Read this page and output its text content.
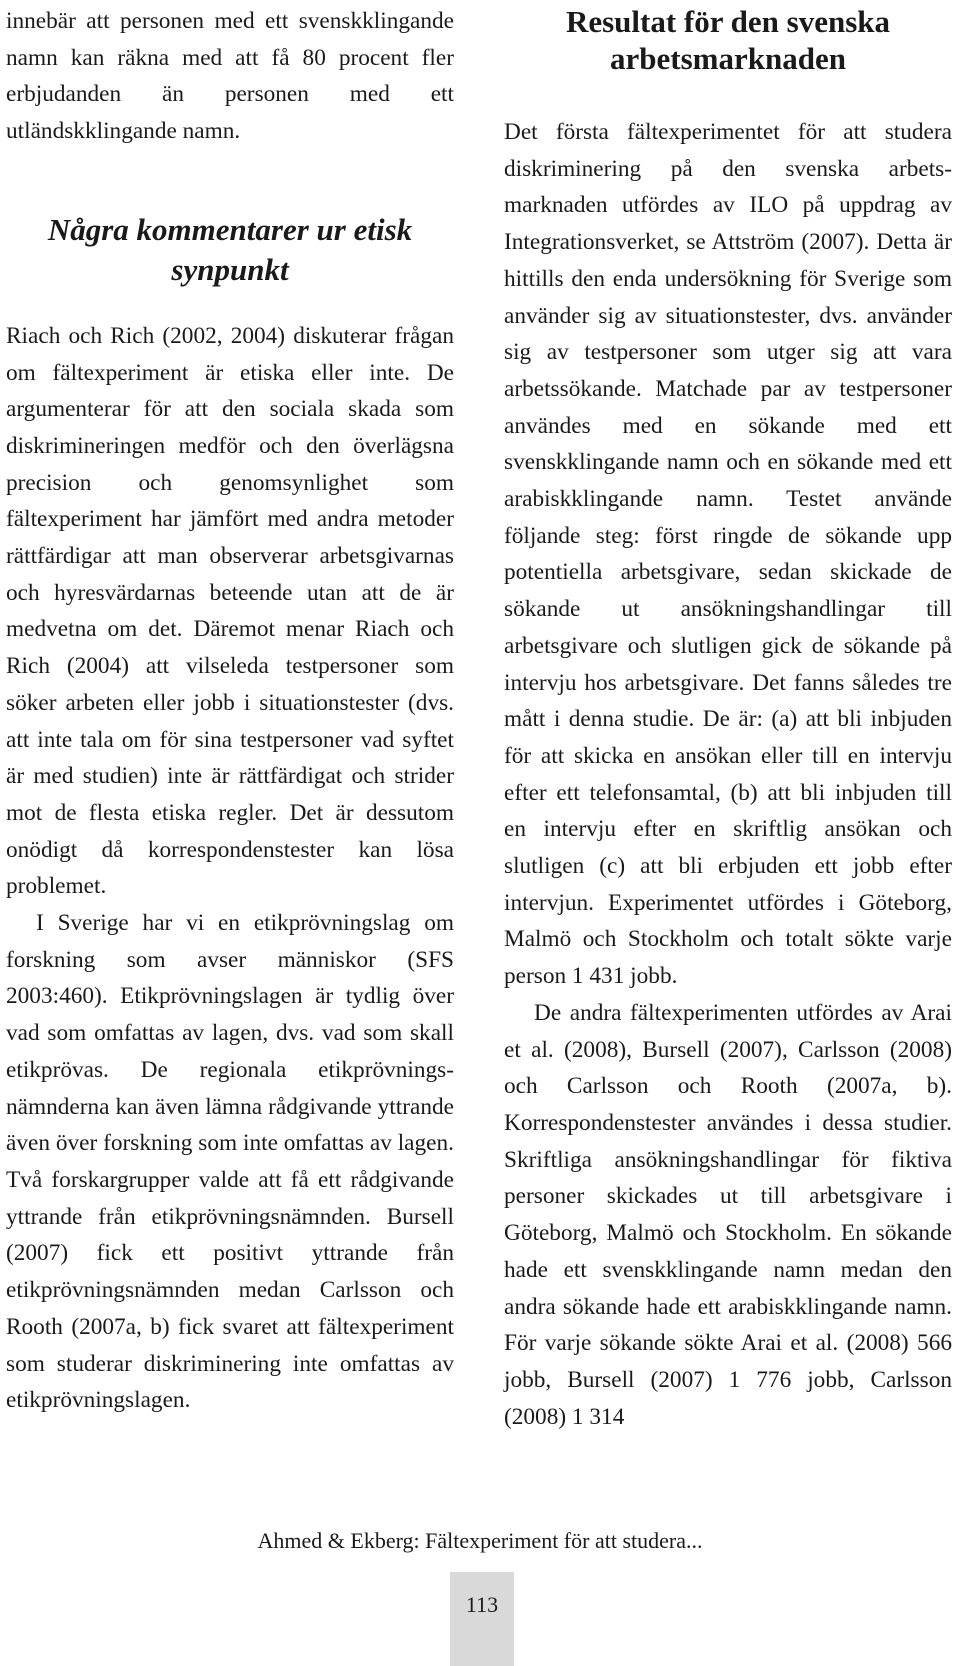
innebär att personen med ett svenskklingande namn kan räkna med att få 80 procent fler erbjudanden än personen med ett utländskklingande namn.

Några kommentarer ur etisk synpunkt

Riach och Rich (2002, 2004) diskuterar frågan om fältexperiment är etiska eller inte. De argumenterar för att den sociala skada som diskrimineringen medför och den överlägsna precision och genomsynlighet som fältexperiment har jämfört med andra metoder rättfärdigar att man observerar arbetsgivarnas och hyresvärdarnas beteende utan att de är medvetna om det. Däremot menar Riach och Rich (2004) att vilseleda testpersoner som söker arbeten eller jobb i situationstester (dvs. att inte tala om för sina testpersoner vad syftet är med studien) inte är rättfärdigat och strider mot de flesta etiska regler. Det är dessutom onödigt då korrespondenstester kan lösa problemet.

I Sverige har vi en etikprövningslag om forskning som avser människor (SFS 2003:460). Etikprövningslagen är tydlig över vad som omfattas av lagen, dvs. vad som skall etikprövas. De regionala etikprövningsnämnderna kan även lämna rådgivande yttrande även över forskning som inte omfattas av lagen. Två forskargrupper valde att få ett rådgivande yttrande från etikprövningsnämnden. Bursell (2007) fick ett positivt yttrande från etikprövningsnämnden medan Carlsson och Rooth (2007a, b) fick svaret att fältexperiment som studerar diskriminering inte omfattas av etikprövningslagen.

Resultat för den svenska arbetsmarknaden

Det första fältexperimentet för att studera diskriminering på den svenska arbetsmarknaden utfördes av ILO på uppdrag av Integrationsverket, se Attström (2007). Detta är hittills den enda undersökning för Sverige som använder sig av situationstester, dvs. använder sig av testpersoner som utger sig att vara arbetssökande. Matchade par av testpersoner användes med en sökande med ett svenskklingande namn och en sökande med ett arabiskklingande namn. Testet använde följande steg: först ringde de sökande upp potentiella arbetsgivare, sedan skickade de sökande ut ansökningshandlingar till arbetsgivare och slutligen gick de sökande på intervju hos arbetsgivare. Det fanns således tre mått i denna studie. De är: (a) att bli inbjuden för att skicka en ansökan eller till en intervju efter ett telefonsamtal, (b) att bli inbjuden till en intervju efter en skriftlig ansökan och slutligen (c) att bli erbjuden ett jobb efter intervjun. Experimentet utfördes i Göteborg, Malmö och Stockholm och totalt sökte varje person 1 431 jobb.

De andra fältexperimenten utfördes av Arai et al. (2008), Bursell (2007), Carlsson (2008) och Carlsson och Rooth (2007a, b). Korrespondenstester användes i dessa studier. Skriftliga ansökningshandlingar för fiktiva personer skickades ut till arbetsgivare i Göteborg, Malmö och Stockholm. En sökande hade ett svenskklingande namn medan den andra sökande hade ett arabiskklingande namn. För varje sökande sökte Arai et al. (2008) 566 jobb, Bursell (2007) 1 776 jobb, Carlsson (2008) 1 314

Ahmed & Ekberg: Fältexperiment för att studera...
113
